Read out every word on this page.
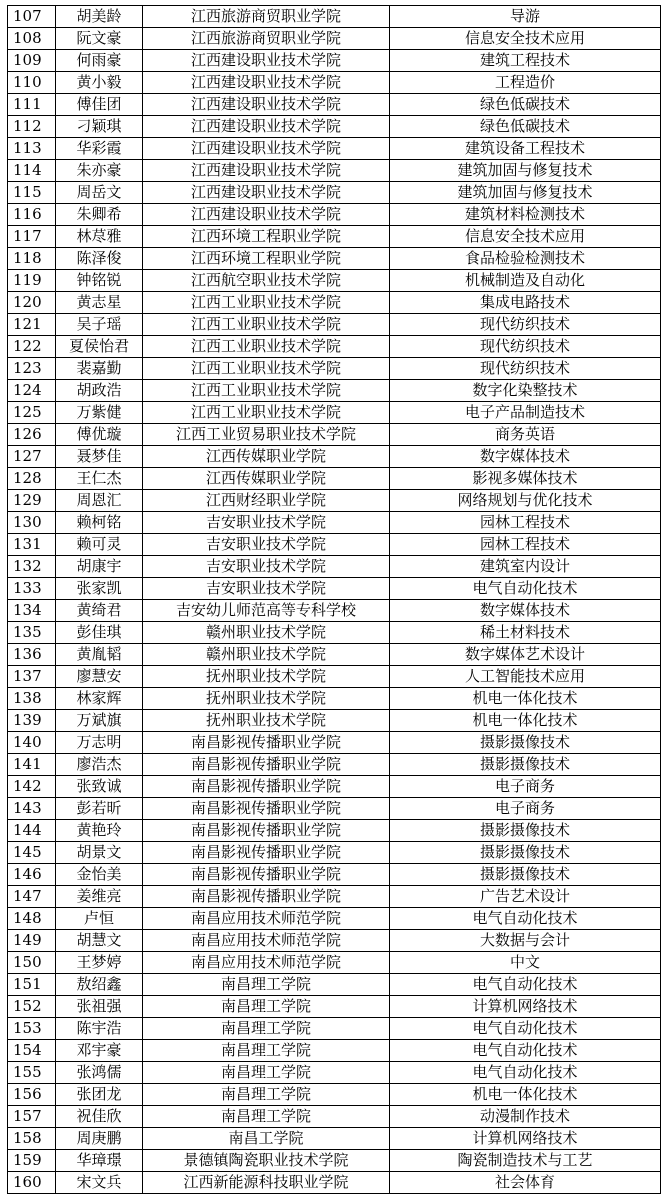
107	胡美龄	江西旅游商贸职业学院	导游
108	阮文豪	江西旅游商贸职业学院	信息安全技术应用
109	何雨豪	江西建设职业技术学院	建筑工程技术
110	黄小毅	江西建设职业技术学院	工程造价
111	傅佳团	江西建设职业技术学院	绿色低碳技术
112	刁颖琪	江西建设职业技术学院	绿色低碳技术
113	华彩霞	江西建设职业技术学院	建筑设备工程技术
114	朱亦豪	江西建设职业技术学院	建筑加固与修复技术
115	周岳文	江西建设职业技术学院	建筑加固与修复技术
116	朱卿希	江西建设职业技术学院	建筑材料检测技术
117	林荩雅	江西环境工程职业学院	信息安全技术应用
118	陈泽俊	江西环境工程职业学院	食品检验检测技术
119	钟铭锐	江西航空职业技术学院	机械制造及自动化
120	黄志星	江西工业职业技术学院	集成电路技术
121	吴子瑶	江西工业职业技术学院	现代纺织技术
122	夏侯怡君	江西工业职业技术学院	现代纺织技术
123	裴嘉勤	江西工业职业技术学院	现代纺织技术
124	胡政浩	江西工业职业技术学院	数字化染整技术
125	万紫健	江西工业职业技术学院	电子产品制造技术
126	傅优璇	江西工业贸易职业技术学院	商务英语
127	聂梦佳	江西传媒职业学院	数字媒体技术
128	王仁杰	江西传媒职业学院	影视多媒体技术
129	周恩汇	江西财经职业学院	网络规划与优化技术
130	赖柯铭	吉安职业技术学院	园林工程技术
131	赖可灵	吉安职业技术学院	园林工程技术
132	胡康宇	吉安职业技术学院	建筑室内设计
133	张家凯	吉安职业技术学院	电气自动化技术
134	黄绮君	吉安幼儿师范高等专科学校	数字媒体技术
135	彭佳琪	赣州职业技术学院	稀土材料技术
136	黄胤韬	赣州职业技术学院	数字媒体艺术设计
137	廖慧安	抚州职业技术学院	人工智能技术应用
138	林家辉	抚州职业技术学院	机电一体化技术
139	万斌旗	抚州职业技术学院	机电一体化技术
140	万志明	南昌影视传播职业学院	摄影摄像技术
141	廖浩杰	南昌影视传播职业学院	摄影摄像技术
142	张致诚	南昌影视传播职业学院	电子商务
143	彭若昕	南昌影视传播职业学院	电子商务
144	黄艳玲	南昌影视传播职业学院	摄影摄像技术
145	胡景文	南昌影视传播职业学院	摄影摄像技术
146	金怡美	南昌影视传播职业学院	摄影摄像技术
147	姜维亮	南昌影视传播职业学院	广告艺术设计
148	卢恒	南昌应用技术师范学院	电气自动化技术
149	胡慧文	南昌应用技术师范学院	大数据与会计
150	王梦婷	南昌应用技术师范学院	中文
151	敖绍鑫	南昌理工学院	电气自动化技术
152	张祖强	南昌理工学院	计算机网络技术
153	陈宇浩	南昌理工学院	电气自动化技术
154	邓宇豪	南昌理工学院	电气自动化技术
155	张鸿儒	南昌理工学院	电气自动化技术
156	张团龙	南昌理工学院	机电一体化技术
157	祝佳欣	南昌理工学院	动漫制作技术
158	周庚鹏	南昌工学院	计算机网络技术
159	华璋璟	景德镇陶瓷职业技术学院	陶瓷制造技术与工艺
160	宋文兵	江西新能源科技职业学院	社会体育
